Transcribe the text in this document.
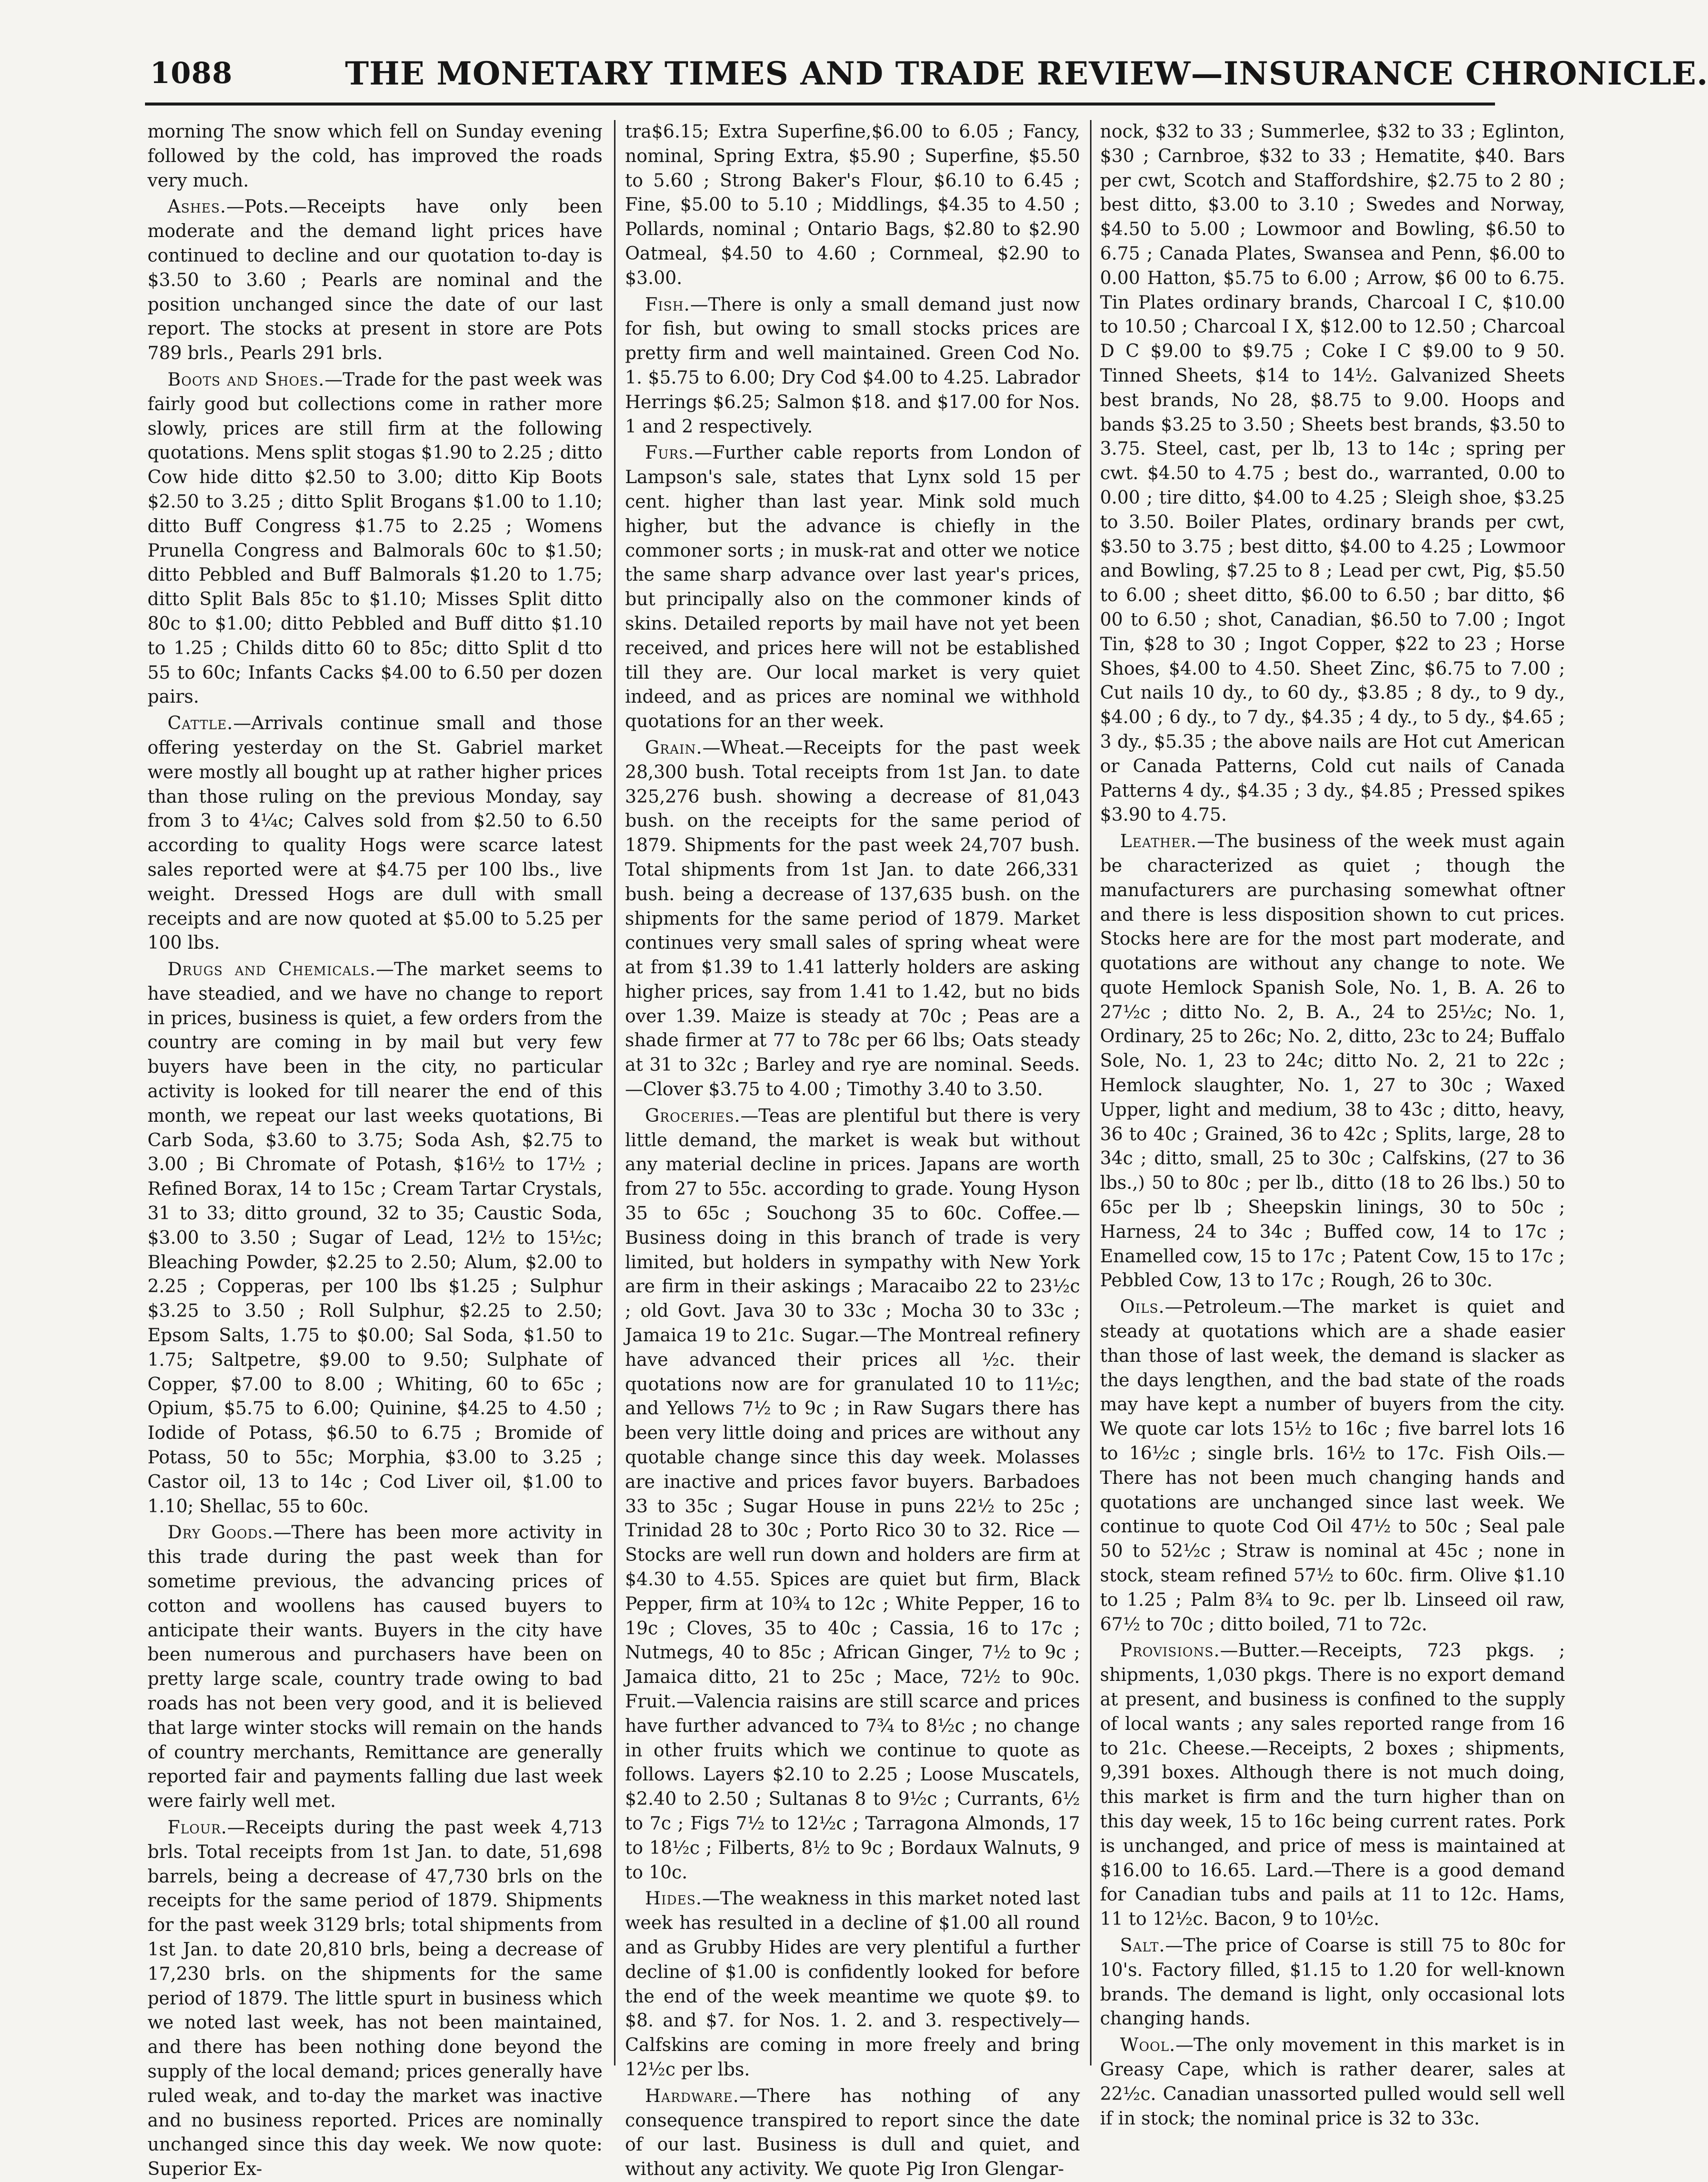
1088	THE MONETARY TIMES AND TRADE REVIEW—INSURANCE CHRONICLE.

morning The snow which fell on Sunday evening followed by the cold, has improved the roads very much.

Ashes.—Pots.—Receipts have only been moderate and the demand light prices have continued to decline and our quotation to-day is $3.50 to 3.60 ; Pearls are nominal and the position unchanged since the date of our last report. The stocks at present in store are Pots 789 brls., Pearls 291 brls.

Boots and Shoes.—Trade for the past week was fairly good but collections come in rather more slowly, prices are still firm at the following quotations. Mens split stogas $1.90 to 2.25 ; ditto Cow hide ditto $2.50 to 3.00; ditto Kip Boots $2.50 to 3.25 ; ditto Split Brogans $1.00 to 1.10; ditto Buff Congress $1.75 to 2.25 ; Womens Prunella Congress and Balmorals 60c to $1.50; ditto Pebbled and Buff Balmorals $1.20 to 1.75; ditto Split Bals 85c to $1.10; Misses Split ditto 80c to $1.00; ditto Pebbled and Buff ditto $1.10 to 1.25 ; Childs ditto 60 to 85c; ditto Split d tto 55 to 60c; Infants Cacks $4.00 to 6.50 per dozen pairs.

Cattle.—Arrivals continue small and those offering yesterday on the St. Gabriel market were mostly all bought up at rather higher prices than those ruling on the previous Monday, say from 3 to 4¼c; Calves sold from $2.50 to 6.50 according to quality Hogs were scarce latest sales reported were at $4.75 per 100 lbs., live weight. Dressed Hogs are dull with small receipts and are now quoted at $5.00 to 5.25 per 100 lbs.

Drugs and Chemicals.—The market seems to have steadied, and we have no change to report in prices, business is quiet, a few orders from the country are coming in by mail but very few buyers have been in the city, no particular activity is looked for till nearer the end of this month, we repeat our last weeks quotations, Bi Carb Soda, $3.60 to 3.75; Soda Ash, $2.75 to 3.00 ; Bi Chromate of Potash, $16½ to 17½ ; Refined Borax, 14 to 15c ; Cream Tartar Crystals, 31 to 33; ditto ground, 32 to 35; Caustic Soda, $3.00 to 3.50 ; Sugar of Lead, 12½ to 15½c; Bleaching Powder, $2.25 to 2.50; Alum, $2.00 to 2.25 ; Copperas, per 100 lbs $1.25 ; Sulphur $3.25 to 3.50 ; Roll Sulphur, $2.25 to 2.50; Epsom Salts, 1.75 to $0.00; Sal Soda, $1.50 to 1.75; Saltpetre, $9.00 to 9.50; Sulphate of Copper, $7.00 to 8.00 ; Whiting, 60 to 65c ; Opium, $5.75 to 6.00; Quinine, $4.25 to 4.50 ; Iodide of Potass, $6.50 to 6.75 ; Bromide of Potass, 50 to 55c; Morphia, $3.00 to 3.25 ; Castor oil, 13 to 14c ; Cod Liver oil, $1.00 to 1.10; Shellac, 55 to 60c.

Dry Goods.—There has been more activity in this trade during the past week than for sometime previous, the advancing prices of cotton and woollens has caused buyers to anticipate their wants. Buyers in the city have been numerous and purchasers have been on pretty large scale, country trade owing to bad roads has not been very good, and it is believed that large winter stocks will remain on the hands of country merchants, Remittance are generally reported fair and payments falling due last week were fairly well met.

Flour.—Receipts during the past week 4,713 brls. Total receipts from 1st Jan. to date, 51,698 barrels, being a decrease of 47,730 brls on the receipts for the same period of 1879. Shipments for the past week 3129 brls; total shipments from 1st Jan. to date 20,810 brls, being a decrease of 17,230 brls. on the shipments for the same period of 1879. The little spurt in business which we noted last week, has not been maintained, and there has been nothing done beyond the supply of the local demand; prices generally have ruled weak, and to-day the market was inactive and no business reported. Prices are nominally unchanged since this day week. We now quote: Superior Ex-

tra$6.15; Extra Superfine,$6.00 to 6.05 ; Fancy, nominal, Spring Extra, $5.90 ; Superfine, $5.50 to 5.60 ; Strong Baker's Flour, $6.10 to 6.45 ; Fine, $5.00 to 5.10 ; Middlings, $4.35 to 4.50 ; Pollards, nominal ; Ontario Bags, $2.80 to $2.90 Oatmeal, $4.50 to 4.60 ; Cornmeal, $2.90 to $3.00.

Fish.—There is only a small demand just now for fish, but owing to small stocks prices are pretty firm and well maintained. Green Cod No. 1. $5.75 to 6.00; Dry Cod $4.00 to 4.25. Labrador Herrings $6.25; Salmon $18. and $17.00 for Nos. 1 and 2 respectively.

Furs.—Further cable reports from London of Lampson's sale, states that Lynx sold 15 per cent. higher than last year. Mink sold much higher, but the advance is chiefly in the commoner sorts ; in musk-rat and otter we notice the same sharp advance over last year's prices, but principally also on the commoner kinds of skins. Detailed reports by mail have not yet been received, and prices here will not be established till they are. Our local market is very quiet indeed, and as prices are nominal we withhold quotations for an ther week.

Grain.—Wheat.—Receipts for the past week 28,300 bush. Total receipts from 1st Jan. to date 325,276 bush. showing a decrease of 81,043 bush. on the receipts for the same period of 1879. Shipments for the past week 24,707 bush. Total shipments from 1st Jan. to date 266,331 bush. being a decrease of 137,635 bush. on the shipments for the same period of 1879. Market continues very small sales of spring wheat were at from $1.39 to 1.41 latterly holders are asking higher prices, say from 1.41 to 1.42, but no bids over 1.39. Maize is steady at 70c ; Peas are a shade firmer at 77 to 78c per 66 lbs; Oats steady at 31 to 32c ; Barley and rye are nominal. Seeds.—Clover $3.75 to 4.00 ; Timothy 3.40 to 3.50.

Groceries.—Teas are plentiful but there is very little demand, the market is weak but without any material decline in prices. Japans are worth from 27 to 55c. according to grade. Young Hyson 35 to 65c ; Souchong 35 to 60c. Coffee.—Business doing in this branch of trade is very limited, but holders in sympathy with New York are firm in their askings ; Maracaibo 22 to 23½c ; old Govt. Java 30 to 33c ; Mocha 30 to 33c ; Jamaica 19 to 21c. Sugar.—The Montreal refinery have advanced their prices all ½c. their quotations now are for granulated 10 to 11½c; and Yellows 7½ to 9c ; in Raw Sugars there has been very little doing and prices are without any quotable change since this day week. Molasses are inactive and prices favor buyers. Barbadoes 33 to 35c ; Sugar House in puns 22½ to 25c ; Trinidad 28 to 30c ; Porto Rico 30 to 32. Rice —Stocks are well run down and holders are firm at $4.30 to 4.55. Spices are quiet but firm, Black Pepper, firm at 10¾ to 12c ; White Pepper, 16 to 19c ; Cloves, 35 to 40c ; Cassia, 16 to 17c ; Nutmegs, 40 to 85c ; African Ginger, 7½ to 9c ; Jamaica ditto, 21 to 25c ; Mace, 72½ to 90c. Fruit.—Valencia raisins are still scarce and prices have further advanced to 7¾ to 8½c ; no change in other fruits which we continue to quote as follows. Layers $2.10 to 2.25 ; Loose Muscatels, $2.40 to 2.50 ; Sultanas 8 to 9½c ; Currants, 6½ to 7c ; Figs 7½ to 12½c ; Tarragona Almonds, 17 to 18½c ; Filberts, 8½ to 9c ; Bordaux Walnuts, 9 to 10c.

Hides.—The weakness in this market noted last week has resulted in a decline of $1.00 all round and as Grubby Hides are very plentiful a further decline of $1.00 is confidently looked for before the end of the week meantime we quote $9. to $8. and $7. for Nos. 1. 2. and 3. respectively—Calfskins are coming in more freely and bring 12½c per lbs.

Hardware.—There has nothing of any consequence transpired to report since the date of our last. Business is dull and quiet, and without any activity. We quote Pig Iron Glengar-

nock, $32 to 33 ; Summerlee, $32 to 33 ; Eglinton, $30 ; Carnbroe, $32 to 33 ; Hematite, $40. Bars per cwt, Scotch and Staffordshire, $2.75 to 2 80 ; best ditto, $3.00 to 3.10 ; Swedes and Norway, $4.50 to 5.00 ; Lowmoor and Bowling, $6.50 to 6.75 ; Canada Plates, Swansea and Penn, $6.00 to 0.00 Hatton, $5.75 to 6.00 ; Arrow, $6 00 to 6.75. Tin Plates ordinary brands, Charcoal I C, $10.00 to 10.50 ; Charcoal I X, $12.00 to 12.50 ; Charcoal D C $9.00 to $9.75 ; Coke I C $9.00 to 9 50. Tinned Sheets, $14 to 14½. Galvanized Sheets best brands, No 28, $8.75 to 9.00. Hoops and bands $3.25 to 3.50 ; Sheets best brands, $3.50 to 3.75. Steel, cast, per lb, 13 to 14c ; spring per cwt. $4.50 to 4.75 ; best do., warranted, 0.00 to 0.00 ; tire ditto, $4.00 to 4.25 ; Sleigh shoe, $3.25 to 3.50. Boiler Plates, ordinary brands per cwt, $3.50 to 3.75 ; best ditto, $4.00 to 4.25 ; Lowmoor and Bowling, $7.25 to 8 ; Lead per cwt, Pig, $5.50 to 6.00 ; sheet ditto, $6.00 to 6.50 ; bar ditto, $6 00 to 6.50 ; shot, Canadian, $6.50 to 7.00 ; Ingot Tin, $28 to 30 ; Ingot Copper, $22 to 23 ; Horse Shoes, $4.00 to 4.50. Sheet Zinc, $6.75 to 7.00 ; Cut nails 10 dy., to 60 dy., $3.85 ; 8 dy., to 9 dy., $4.00 ; 6 dy., to 7 dy., $4.35 ; 4 dy., to 5 dy., $4.65 ; 3 dy., $5.35 ; the above nails are Hot cut American or Canada Patterns, Cold cut nails of Canada Patterns 4 dy., $4.35 ; 3 dy., $4.85 ; Pressed spikes $3.90 to 4.75.

Leather.—The business of the week must again be characterized as quiet ; though the manufacturers are purchasing somewhat oftner and there is less disposition shown to cut prices. Stocks here are for the most part moderate, and quotations are without any change to note. We quote Hemlock Spanish Sole, No. 1, B. A. 26 to 27½c ; ditto No. 2, B. A., 24 to 25½c; No. 1, Ordinary, 25 to 26c; No. 2, ditto, 23c to 24; Buffalo Sole, No. 1, 23 to 24c; ditto No. 2, 21 to 22c ; Hemlock slaughter, No. 1, 27 to 30c ; Waxed Upper, light and medium, 38 to 43c ; ditto, heavy, 36 to 40c ; Grained, 36 to 42c ; Splits, large, 28 to 34c ; ditto, small, 25 to 30c ; Calfskins, (27 to 36 lbs.,) 50 to 80c ; per lb., ditto (18 to 26 lbs.) 50 to 65c per lb ; Sheepskin linings, 30 to 50c ; Harness, 24 to 34c ; Buffed cow, 14 to 17c ; Enamelled cow, 15 to 17c ; Patent Cow, 15 to 17c ; Pebbled Cow, 13 to 17c ; Rough, 26 to 30c.

Oils.—Petroleum.—The market is quiet and steady at quotations which are a shade easier than those of last week, the demand is slacker as the days lengthen, and the bad state of the roads may have kept a number of buyers from the city. We quote car lots 15½ to 16c ; five barrel lots 16 to 16½c ; single brls. 16½ to 17c. Fish Oils.—There has not been much changing hands and quotations are unchanged since last week. We continue to quote Cod Oil 47½ to 50c ; Seal pale 50 to 52½c ; Straw is nominal at 45c ; none in stock, steam refined 57½ to 60c. firm. Olive $1.10 to 1.25 ; Palm 8¾ to 9c. per lb. Linseed oil raw, 67½ to 70c ; ditto boiled, 71 to 72c.

Provisions.—Butter.—Receipts, 723 pkgs. ; shipments, 1,030 pkgs. There is no export demand at present, and business is confined to the supply of local wants ; any sales reported range from 16 to 21c. Cheese.—Receipts, 2 boxes ; shipments, 9,391 boxes. Although there is not much doing, this market is firm and the turn higher than on this day week, 15 to 16c being current rates. Pork is unchanged, and price of mess is maintained at $16.00 to 16.65. Lard.—There is a good demand for Canadian tubs and pails at 11 to 12c. Hams, 11 to 12½c. Bacon, 9 to 10½c.

Salt.—The price of Coarse is still 75 to 80c for 10's. Factory filled, $1.15 to 1.20 for well-known brands. The demand is light, only occasional lots changing hands.

Wool.—The only movement in this market is in Greasy Cape, which is rather dearer, sales at 22½c. Canadian unassorted pulled would sell well if in stock; the nominal price is 32 to 33c.
